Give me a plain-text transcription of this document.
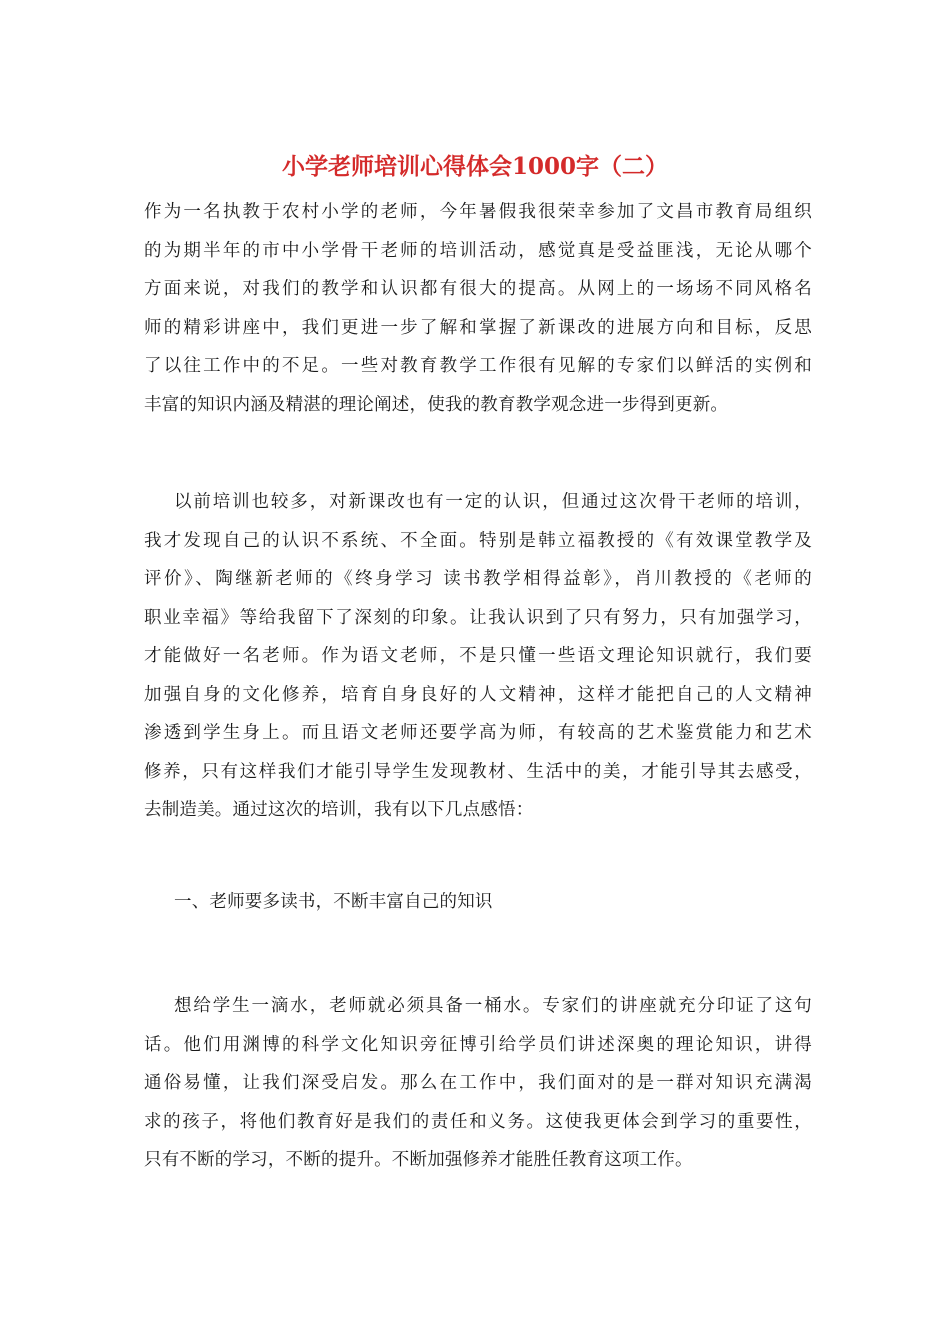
小学老师培训心得体会1000字（二）
作为一名执教于农村小学的老师，今年暑假我很荣幸参加了文昌市教育局组织
的为期半年的市中小学骨干老师的培训活动，感觉真是受益匪浅，无论从哪个
方面来说，对我们的教学和认识都有很大的提高。从网上的一场场不同风格名
师的精彩讲座中，我们更进一步了解和掌握了新课改的进展方向和目标，反思
了以往工作中的不足。一些对教育教学工作很有见解的专家们以鲜活的实例和
丰富的知识内涵及精湛的理论阐述，使我的教育教学观念进一步得到更新。
以前培训也较多，对新课改也有一定的认识，但通过这次骨干老师的培训，
我才发现自己的认识不系统、不全面。特别是韩立福教授的《有效课堂教学及
评价》、陶继新老师的《终身学习 读书教学相得益彰》，肖川教授的《老师的
职业幸福》等给我留下了深刻的印象。让我认识到了只有努力，只有加强学习，
才能做好一名老师。作为语文老师，不是只懂一些语文理论知识就行，我们要
加强自身的文化修养，培育自身良好的人文精神，这样才能把自己的人文精神
渗透到学生身上。而且语文老师还要学高为师，有较高的艺术鉴赏能力和艺术
修养，只有这样我们才能引导学生发现教材、生活中的美，才能引导其去感受，
去制造美。通过这次的培训，我有以下几点感悟：
一、老师要多读书，不断丰富自己的知识
想给学生一滴水，老师就必须具备一桶水。专家们的讲座就充分印证了这句
话。他们用渊博的科学文化知识旁征博引给学员们讲述深奥的理论知识，讲得
通俗易懂，让我们深受启发。那么在工作中，我们面对的是一群对知识充满渴
求的孩子，将他们教育好是我们的责任和义务。这使我更体会到学习的重要性，
只有不断的学习，不断的提升。不断加强修养才能胜任教育这项工作。
